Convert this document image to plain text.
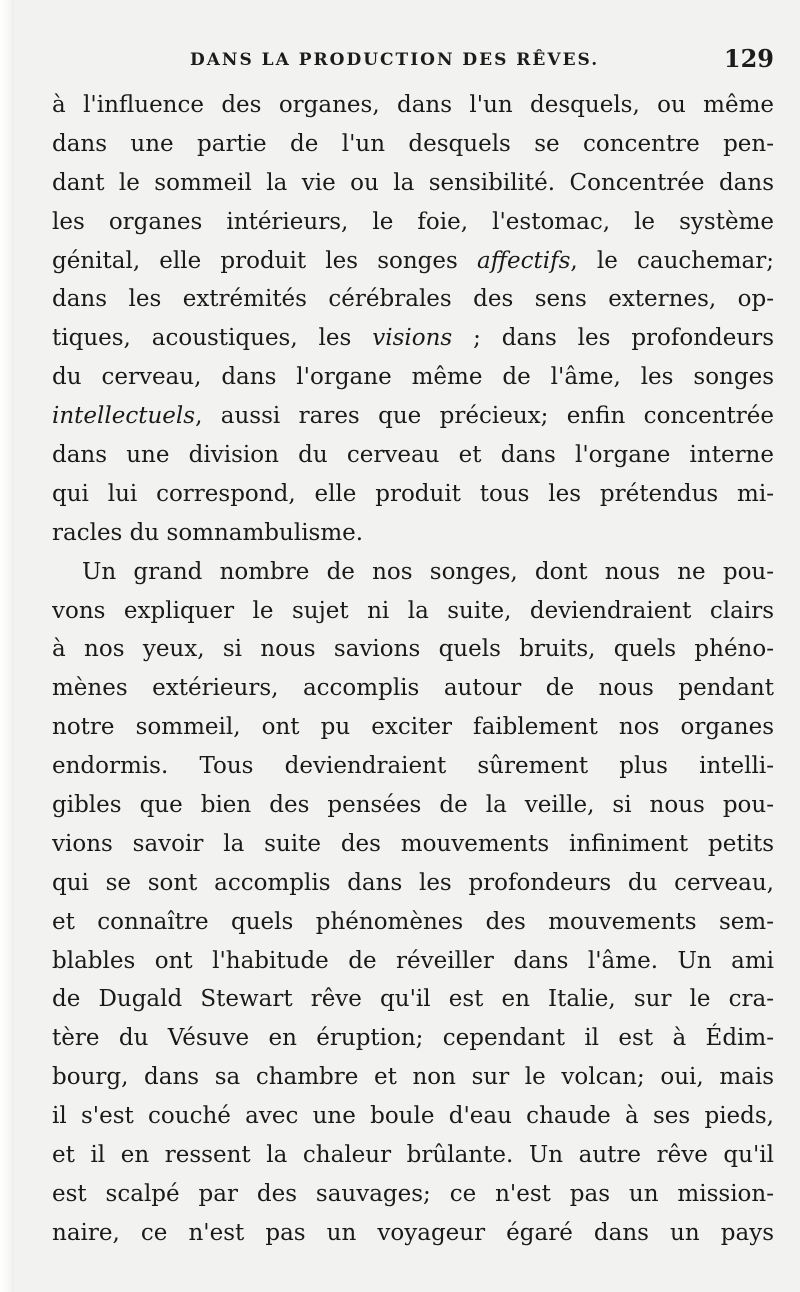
DANS LA PRODUCTION DES RÊVES.	129
à l'influence des organes, dans l'un desquels, ou même
dans une partie de l'un desquels se concentre pen-
dant le sommeil la vie ou la sensibilité. Concentrée dans
les organes intérieurs, le foie, l'estomac, le système
génital, elle produit les songes affectifs, le cauchemar;
dans les extrémités cérébrales des sens externes, op-
tiques, acoustiques, les visions ; dans les profondeurs
du cerveau, dans l'organe même de l'âme, les songes
intellectuels, aussi rares que précieux; enfin concentrée
dans une division du cerveau et dans l'organe interne
qui lui correspond, elle produit tous les prétendus mi-
racles du somnambulisme.
Un grand nombre de nos songes, dont nous ne pou-
vons expliquer le sujet ni la suite, deviendraient clairs
à nos yeux, si nous savions quels bruits, quels phéno-
mènes extérieurs, accomplis autour de nous pendant
notre sommeil, ont pu exciter faiblement nos organes
endormis. Tous deviendraient sûrement plus intelli-
gibles que bien des pensées de la veille, si nous pou-
vions savoir la suite des mouvements infiniment petits
qui se sont accomplis dans les profondeurs du cerveau,
et connaître quels phénomènes des mouvements sem-
blables ont l'habitude de réveiller dans l'âme. Un ami
de Dugald Stewart rêve qu'il est en Italie, sur le cra-
tère du Vésuve en éruption; cependant il est à Édim-
bourg, dans sa chambre et non sur le volcan; oui, mais
il s'est couché avec une boule d'eau chaude à ses pieds,
et il en ressent la chaleur brûlante. Un autre rêve qu'il
est scalpé par des sauvages; ce n'est pas un mission-
naire, ce n'est pas un voyageur égaré dans un pays
